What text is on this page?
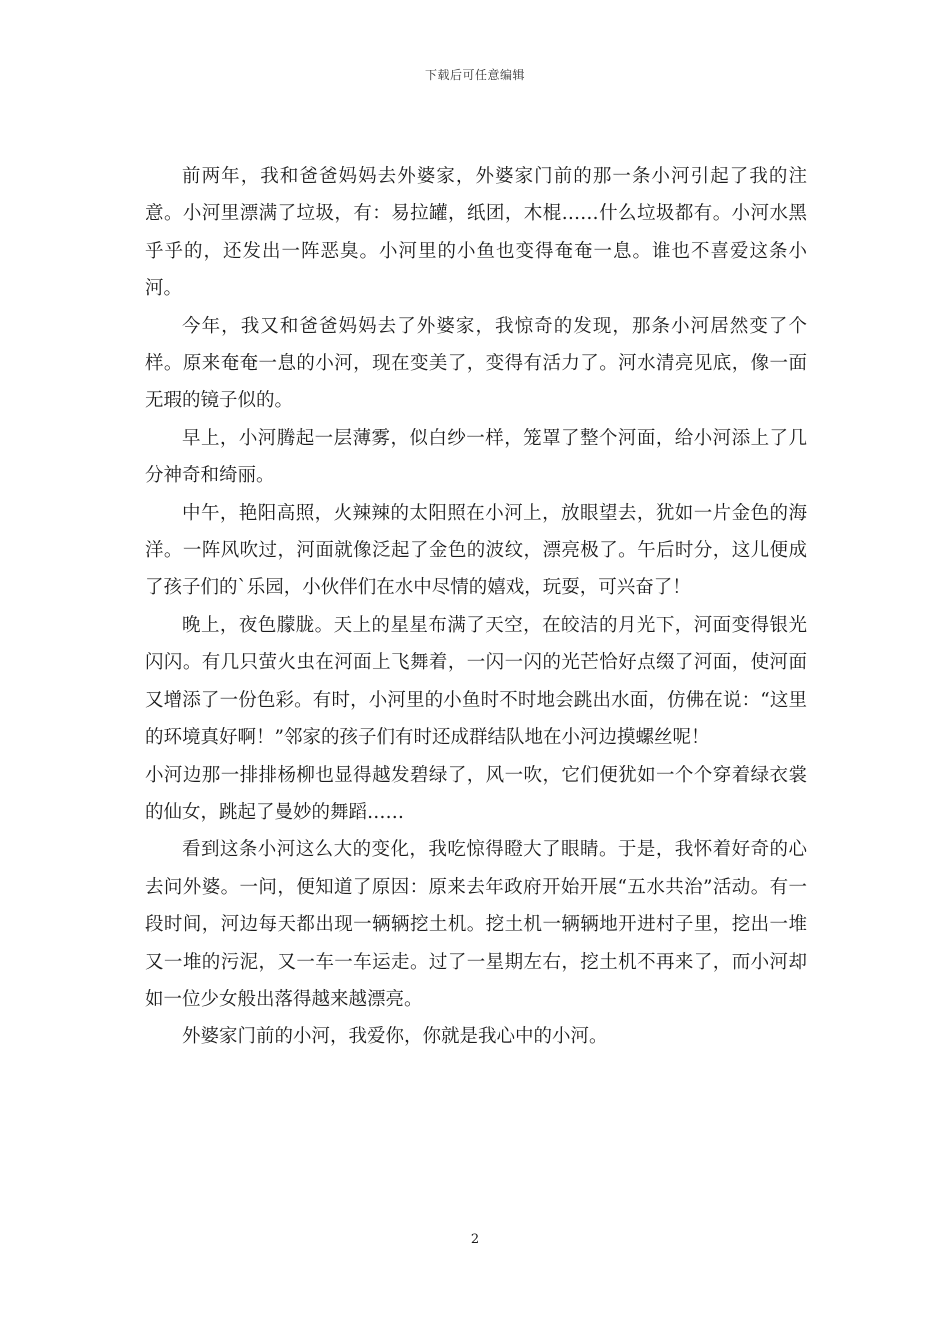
下载后可任意编辑

前两年，我和爸爸妈妈去外婆家，外婆家门前的那一条小河引起了我的注意。小河里漂满了垃圾，有：易拉罐，纸团，木棍……什么垃圾都有。小河水黑乎乎的，还发出一阵恶臭。小河里的小鱼也变得奄奄一息。谁也不喜爱这条小河。

今年，我又和爸爸妈妈去了外婆家，我惊奇的发现，那条小河居然变了个样。原来奄奄一息的小河，现在变美了，变得有活力了。河水清亮见底，像一面无瑕的镜子似的。

早上，小河腾起一层薄雾，似白纱一样，笼罩了整个河面，给小河添上了几分神奇和绮丽。

中午，艳阳高照，火辣辣的太阳照在小河上，放眼望去，犹如一片金色的海洋。一阵风吹过，河面就像泛起了金色的波纹，漂亮极了。午后时分，这儿便成了孩子们的`乐园，小伙伴们在水中尽情的嬉戏，玩耍，可兴奋了！

晚上，夜色朦胧。天上的星星布满了天空，在皎洁的月光下，河面变得银光闪闪。有几只萤火虫在河面上飞舞着，一闪一闪的光芒恰好点缀了河面，使河面又增添了一份色彩。有时，小河里的小鱼时不时地会跳出水面，仿佛在说：“这里的环境真好啊！”邻家的孩子们有时还成群结队地在小河边摸螺丝呢！

小河边那一排排杨柳也显得越发碧绿了，风一吹，它们便犹如一个个穿着绿衣裳的仙女，跳起了曼妙的舞蹈……

看到这条小河这么大的变化，我吃惊得瞪大了眼睛。于是，我怀着好奇的心去问外婆。一问，便知道了原因：原来去年政府开始开展“五水共治”活动。有一段时间，河边每天都出现一辆辆挖土机。挖土机一辆辆地开进村子里，挖出一堆又一堆的污泥，又一车一车运走。过了一星期左右，挖土机不再来了，而小河却如一位少女般出落得越来越漂亮。

外婆家门前的小河，我爱你，你就是我心中的小河。

2
